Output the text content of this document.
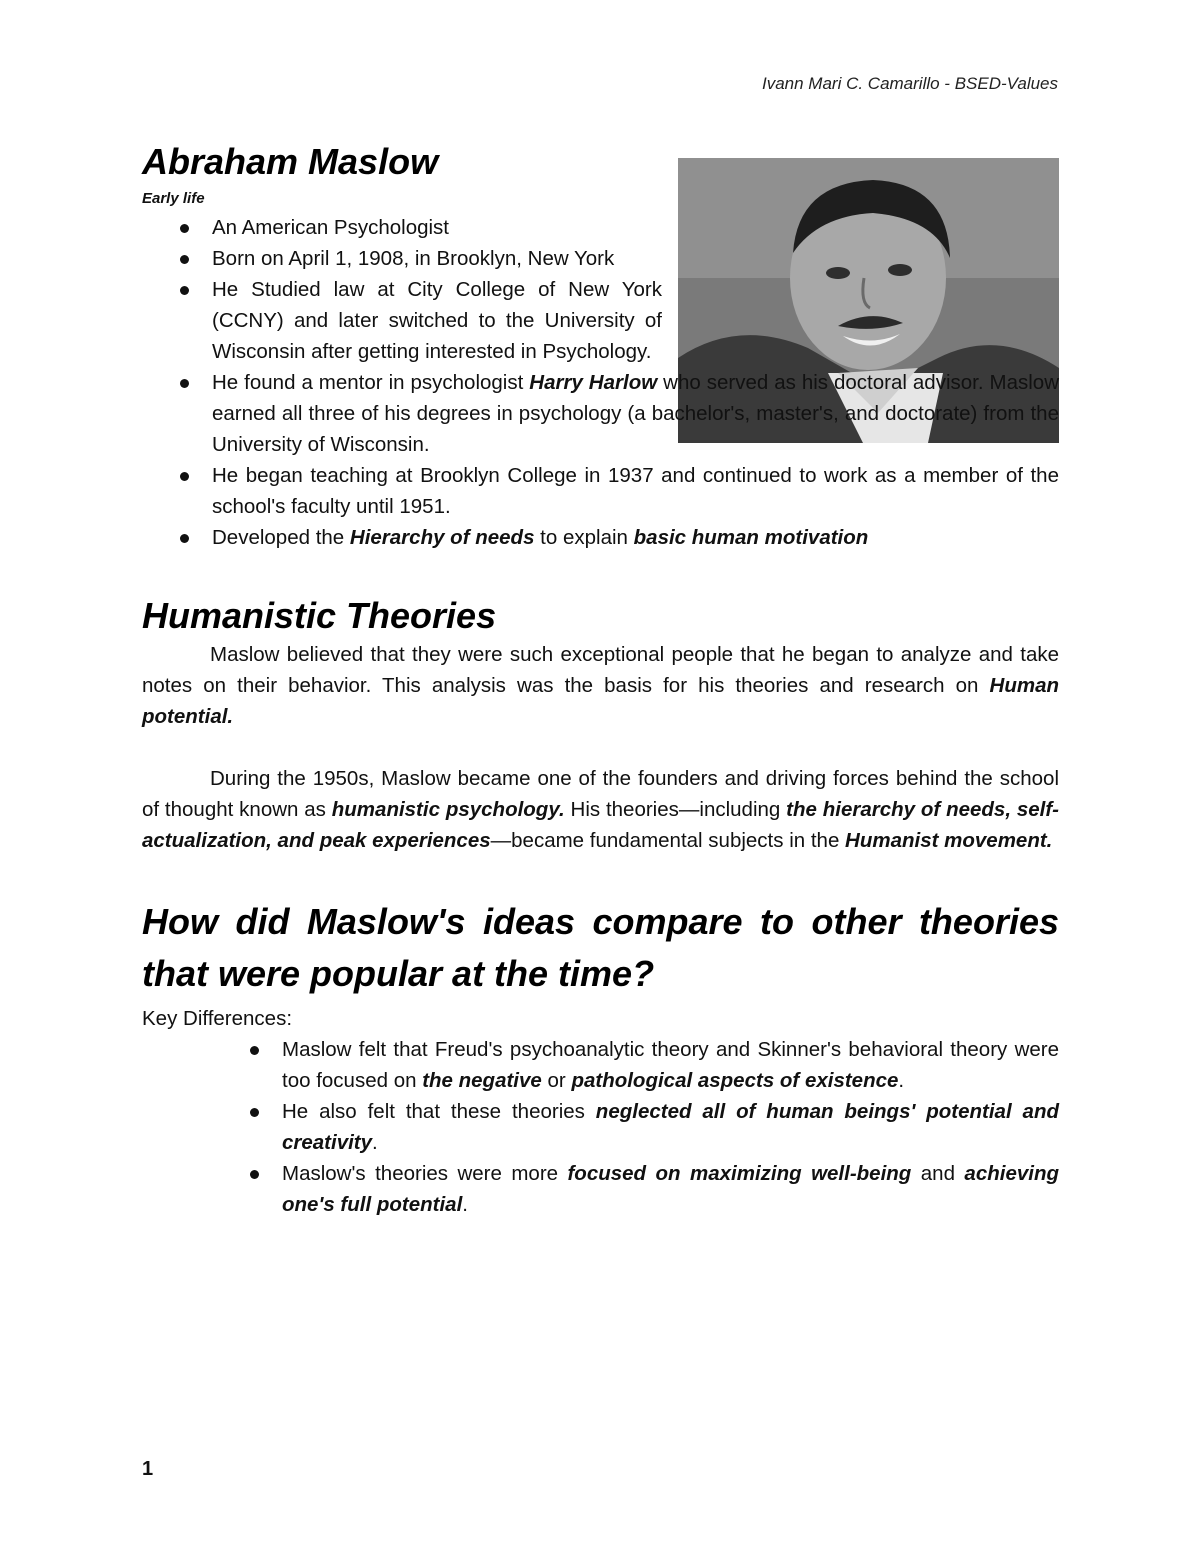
Ivann Mari C. Camarillo - BSED-Values
Abraham Maslow
Early life
An American Psychologist
Born on April 1, 1908, in Brooklyn, New York
He Studied law at City College of New York (CCNY) and later switched to the University of Wisconsin after getting interested in Psychology.
He found a mentor in psychologist Harry Harlow who served as his doctoral advisor. Maslow earned all three of his degrees in psychology (a bachelor's, master's, and doctorate) from the University of Wisconsin.
He began teaching at Brooklyn College in 1937 and continued to work as a member of the school's faculty until 1951.
Developed the Hierarchy of needs to explain basic human motivation
Humanistic Theories

Maslow believed that they were such exceptional people that he began to analyze and take notes on their behavior. This analysis was the basis for his theories and research on Human potential.

During the 1950s, Maslow became one of the founders and driving forces behind the school of thought known as humanistic psychology. His theories—including the hierarchy of needs, self-actualization, and peak experiences—became fundamental subjects in the Humanist movement.

How did Maslow's ideas compare to other theories that were popular at the time?
Key Differences:
Maslow felt that Freud's psychoanalytic theory and Skinner's behavioral theory were too focused on the negative or pathological aspects of existence.
He also felt that these theories neglected all of human beings' potential and creativity.
Maslow's theories were more focused on maximizing well-being and achieving one's full potential.
1
